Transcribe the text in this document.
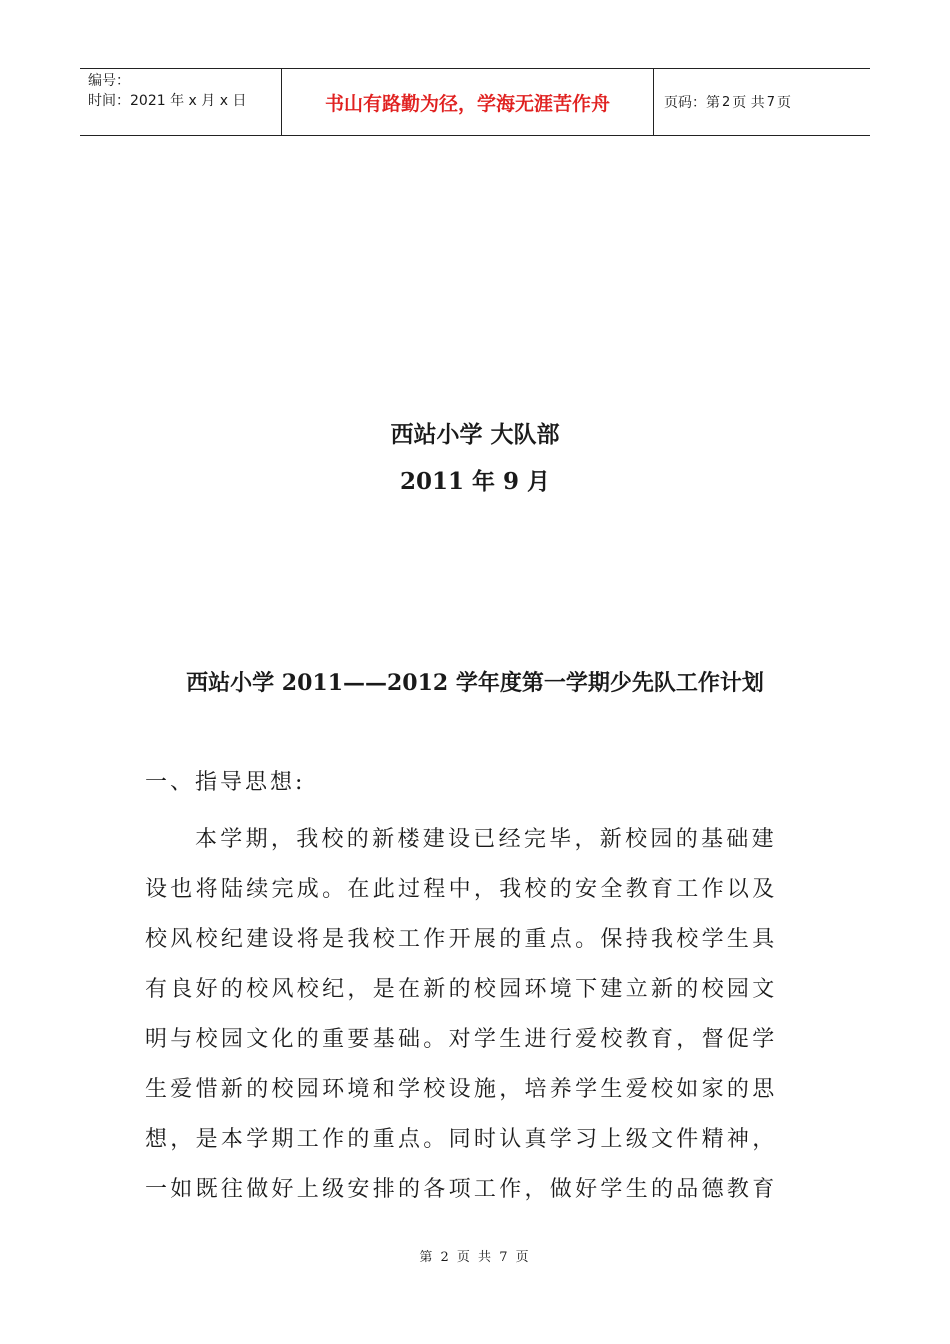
编号：
时间：2021 年 x 月 x 日	书山有路勤为径，学海无涯苦作舟	页码：第 2 页 共 7 页
西站小学 大队部
2011 年 9 月
西站小学 2011——2012 学年度第一学期少先队工作计划
一、指导思想:
本学期，我校的新楼建设已经完毕，新校园的基础建
设也将陆续完成。在此过程中，我校的安全教育工作以及
校风校纪建设将是我校工作开展的重点。保持我校学生具
有良好的校风校纪，是在新的校园环境下建立新的校园文
明与校园文化的重要基础。对学生进行爱校教育，督促学
生爱惜新的校园环境和学校设施，培养学生爱校如家的思
想，是本学期工作的重点。同时认真学习上级文件精神，
一如既往做好上级安排的各项工作，做好学生的品德教育
第 2 页 共 7 页
